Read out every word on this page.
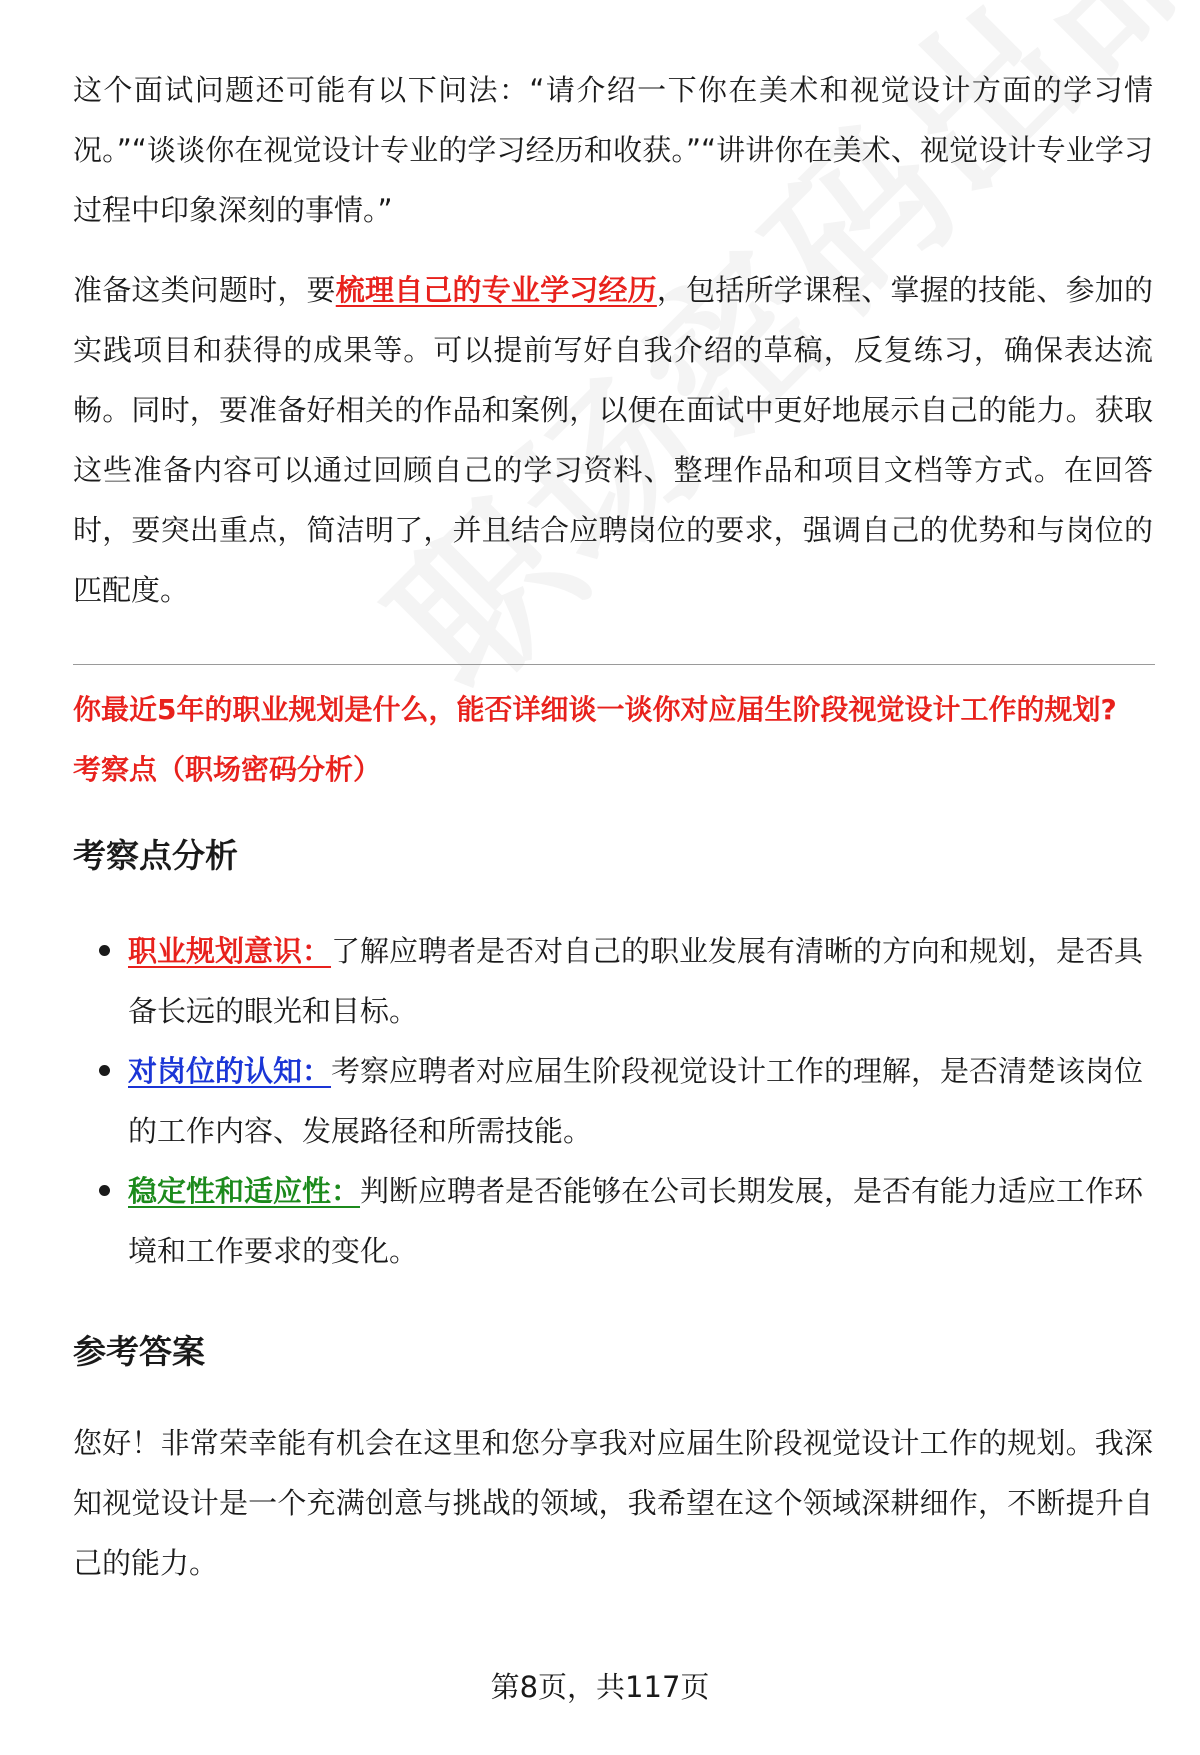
这个面试问题还可能有以下问法：“请介绍一下你在美术和视觉设计方面的学习情况。”“谈谈你在视觉设计专业的学习经历和收获。”“讲讲你在美术、视觉设计专业学习过程中印象深刻的事情。”

准备这类问题时，要梳理自己的专业学习经历，包括所学课程、掌握的技能、参加的实践项目和获得的成果等。可以提前写好自我介绍的草稿，反复练习，确保表达流畅。同时，要准备好相关的作品和案例，以便在面试中更好地展示自己的能力。获取这些准备内容可以通过回顾自己的学习资料、整理作品和项目文档等方式。在回答时，要突出重点，简洁明了，并且结合应聘岗位的要求，强调自己的优势和与岗位的匹配度。

你最近5年的职业规划是什么，能否详细谈一谈你对应届生阶段视觉设计工作的规划?

考察点（职场密码分析）

考察点分析
职业规划意识：了解应聘者是否对自己的职业发展有清晰的方向和规划，是否具备长远的眼光和目标。
对岗位的认知：考察应聘者对应届生阶段视觉设计工作的理解，是否清楚该岗位的工作内容、发展路径和所需技能。
稳定性和适应性：判断应聘者是否能够在公司长期发展，是否有能力适应工作环境和工作要求的变化。
参考答案

您好！非常荣幸能有机会在这里和您分享我对应届生阶段视觉设计工作的规划。我深知视觉设计是一个充满创意与挑战的领域，我希望在这个领域深耕细作，不断提升自己的能力。

第8页，共117页
